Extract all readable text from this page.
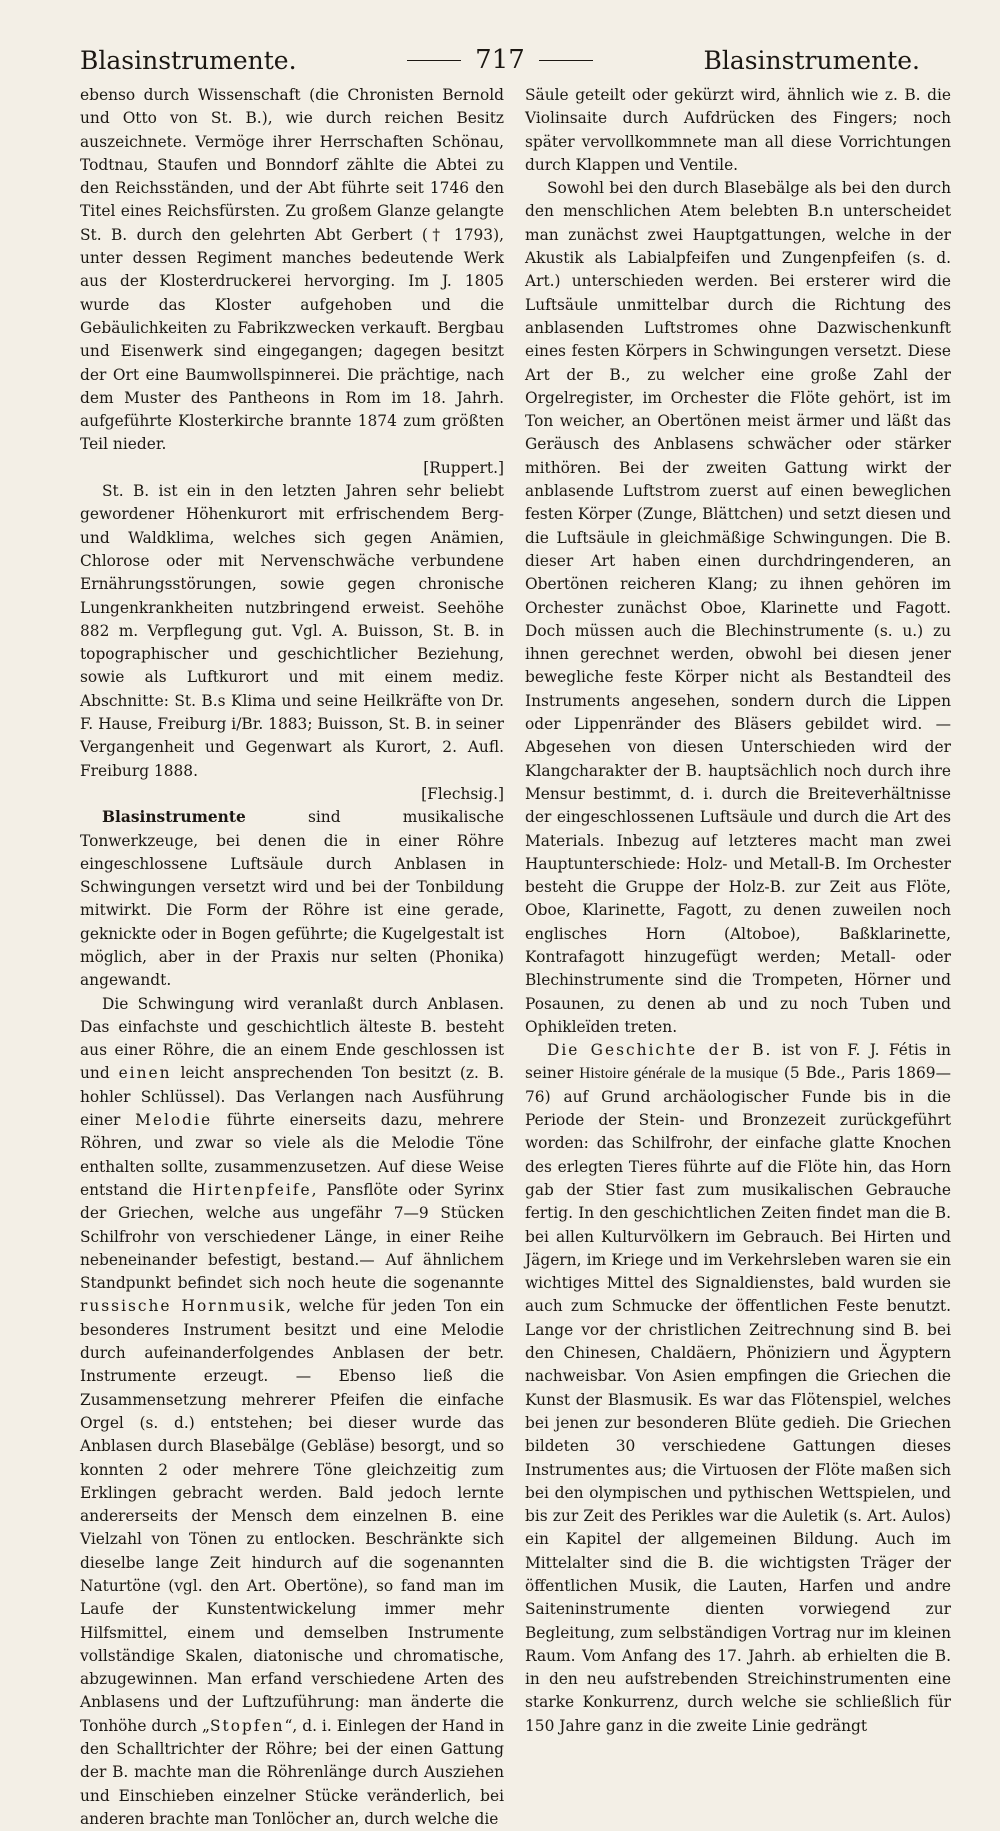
Blasinstrumente.	717	Blasinstrumente.

ebenso durch Wissenschaft (die Chronisten Bernold und Otto von St. B.), wie durch reichen Besitz auszeichnete. Vermöge ihrer Herrschaften Schönau, Todtnau, Staufen und Bonndorf zählte die Abtei zu den Reichsständen, und der Abt führte seit 1746 den Titel eines Reichsfürsten. Zu großem Glanze gelangte St. B. durch den gelehrten Abt Gerbert († 1793), unter dessen Regiment manches bedeutende Werk aus der Klosterdruckerei hervorging. Im J. 1805 wurde das Kloster aufgehoben und die Gebäulichkeiten zu Fabrikzwecken verkauft. Bergbau und Eisenwerk sind eingegangen; dagegen besitzt der Ort eine Baumwollspinnerei. Die prächtige, nach dem Muster des Pantheons in Rom im 18. Jahrh. aufgeführte Klosterkirche brannte 1874 zum größten Teil nieder.

[Ruppert.]

St. B. ist ein in den letzten Jahren sehr beliebt gewordener Höhenkurort mit erfrischendem Berg- und Waldklima, welches sich gegen Anämien, Chlorose oder mit Nervenschwäche verbundene Ernährungsstörungen, sowie gegen chronische Lungenkrankheiten nutzbringend erweist. Seehöhe 882 m. Verpflegung gut. Vgl. A. Buisson, St. B. in topographischer und geschichtlicher Beziehung, sowie als Luftkurort und mit einem mediz. Abschnitte: St. B.s Klima und seine Heilkräfte von Dr. F. Hause, Freiburg i/Br. 1883; Buisson, St. B. in seiner Vergangenheit und Gegenwart als Kurort, 2. Aufl. Freiburg 1888.

[Flechsig.]

Blasinstrumente	sind musikalische Tonwerkzeuge, bei denen die in einer Röhre eingeschlossene Luftsäule durch Anblasen in Schwingungen versetzt wird und bei der Tonbildung mitwirkt. Die Form der Röhre ist eine gerade, geknickte oder in Bogen geführte; die Kugelgestalt ist möglich, aber in der Praxis nur selten (Phonika) angewandt.

Die Schwingung wird veranlaßt durch Anblasen. Das einfachste und geschichtlich älteste B. besteht aus einer Röhre, die an einem Ende geschlossen ist und einen leicht ansprechenden Ton besitzt (z. B. hohler Schlüssel). Das Verlangen nach Ausführung einer Melodie führte einerseits dazu, mehrere Röhren, und zwar so viele als die Melodie Töne enthalten sollte, zusammenzusetzen. Auf diese Weise entstand die Hirtenpfeife, Pansflöte oder Syrinx der Griechen, welche aus ungefähr 7—9 Stücken Schilfrohr von verschiedener Länge, in einer Reihe nebeneinander befestigt, bestand.— Auf ähnlichem Standpunkt befindet sich noch heute die sogenannte russische Hornmusik, welche für jeden Ton ein besonderes Instrument besitzt und eine Melodie durch aufeinanderfolgendes Anblasen der betr. Instrumente erzeugt. — Ebenso ließ die Zusammensetzung mehrerer Pfeifen die einfache Orgel (s. d.) entstehen; bei dieser wurde das Anblasen durch Blasebälge (Gebläse) besorgt, und so konnten 2 oder mehrere Töne gleichzeitig zum Erklingen gebracht werden. Bald jedoch lernte andererseits der Mensch dem einzelnen B. eine Vielzahl von Tönen zu entlocken. Beschränkte sich dieselbe lange Zeit hindurch auf die sogenannten Naturtöne (vgl. den Art. Obertöne), so fand man im Laufe der Kunstentwickelung immer mehr Hilfsmittel, einem und demselben Instrumente vollständige Skalen, diatonische und chromatische, abzugewinnen. Man erfand verschiedene Arten des Anblasens und der Luftzuführung: man änderte die Tonhöhe durch „Stopfen“, d. i. Einlegen der Hand in den Schalltrichter der Röhre; bei der einen Gattung der B. machte man die Röhrenlänge durch Ausziehen und Einschieben einzelner Stücke veränderlich, bei anderen brachte man Tonlöcher an, durch welche die

Säule geteilt oder gekürzt wird, ähnlich wie z. B. die Violinsaite durch Aufdrücken des Fingers; noch später vervollkommnete man all diese Vorrichtungen durch Klappen und Ventile.

Sowohl bei den durch Blasebälge als bei den durch den menschlichen Atem belebten B.n unterscheidet man zunächst zwei Hauptgattungen, welche in der Akustik als Labialpfeifen und Zungenpfeifen (s. d. Art.) unterschieden werden. Bei ersterer wird die Luftsäule unmittelbar durch die Richtung des anblasenden Luftstromes ohne Dazwischenkunft eines festen Körpers in Schwingungen versetzt. Diese Art der B., zu welcher eine große Zahl der Orgelregister, im Orchester die Flöte gehört, ist im Ton weicher, an Obertönen meist ärmer und läßt das Geräusch des Anblasens schwächer oder stärker mithören. Bei der zweiten Gattung wirkt der anblasende Luftstrom zuerst auf einen beweglichen festen Körper (Zunge, Blättchen) und setzt diesen und die Luftsäule in gleichmäßige Schwingungen. Die B. dieser Art haben einen durchdringenderen, an Obertönen reicheren Klang; zu ihnen gehören im Orchester zunächst Oboe, Klarinette und Fagott. Doch müssen auch die Blechinstrumente (s. u.) zu ihnen gerechnet werden, obwohl bei diesen jener bewegliche feste Körper nicht als Bestandteil des Instruments angesehen, sondern durch die Lippen oder Lippenränder des Bläsers gebildet wird. — Abgesehen von diesen Unterschieden wird der Klangcharakter der B. hauptsächlich noch durch ihre Mensur bestimmt, d. i. durch die Breiteverhältnisse der eingeschlossenen Luftsäule und durch die Art des Materials. Inbezug auf letzteres macht man zwei Hauptunterschiede: Holz- und Metall-B. Im Orchester besteht die Gruppe der Holz-B. zur Zeit aus Flöte, Oboe, Klarinette, Fagott, zu denen zuweilen noch englisches Horn (Altoboe), Baßklarinette, Kontrafagott hinzugefügt werden; Metall- oder Blechinstrumente sind die Trompeten, Hörner und Posaunen, zu denen ab und zu noch Tuben und Ophikleïden treten.

Die Geschichte der B. ist von F. J. Fétis in seiner Histoire générale de la musique (5 Bde., Paris 1869—76) auf Grund archäologischer Funde bis in die Periode der Stein- und Bronzezeit zurückgeführt worden: das Schilfrohr, der einfache glatte Knochen des erlegten Tieres führte auf die Flöte hin, das Horn gab der Stier fast zum musikalischen Gebrauche fertig. In den geschichtlichen Zeiten findet man die B. bei allen Kulturvölkern im Gebrauch. Bei Hirten und Jägern, im Kriege und im Verkehrsleben waren sie ein wichtiges Mittel des Signaldienstes, bald wurden sie auch zum Schmucke der öffentlichen Feste benutzt. Lange vor der christlichen Zeitrechnung sind B. bei den Chinesen, Chaldäern, Phöniziern und Ägyptern nachweisbar. Von Asien empfingen die Griechen die Kunst der Blasmusik. Es war das Flötenspiel, welches bei jenen zur besonderen Blüte gedieh. Die Griechen bildeten 30 verschiedene Gattungen dieses Instrumentes aus; die Virtuosen der Flöte maßen sich bei den olympischen und pythischen Wettspielen, und bis zur Zeit des Perikles war die Auletik (s. Art. Aulos) ein Kapitel der allgemeinen Bildung. Auch im Mittelalter sind die B. die wichtigsten Träger der öffentlichen Musik, die Lauten, Harfen und andre Saiteninstrumente dienten vorwiegend zur Begleitung, zum selbständigen Vortrag nur im kleinen Raum. Vom Anfang des 17. Jahrh. ab erhielten die B. in den neu aufstrebenden Streichinstrumenten eine starke Konkurrenz, durch welche sie schließlich für 150 Jahre ganz in die zweite Linie gedrängt
